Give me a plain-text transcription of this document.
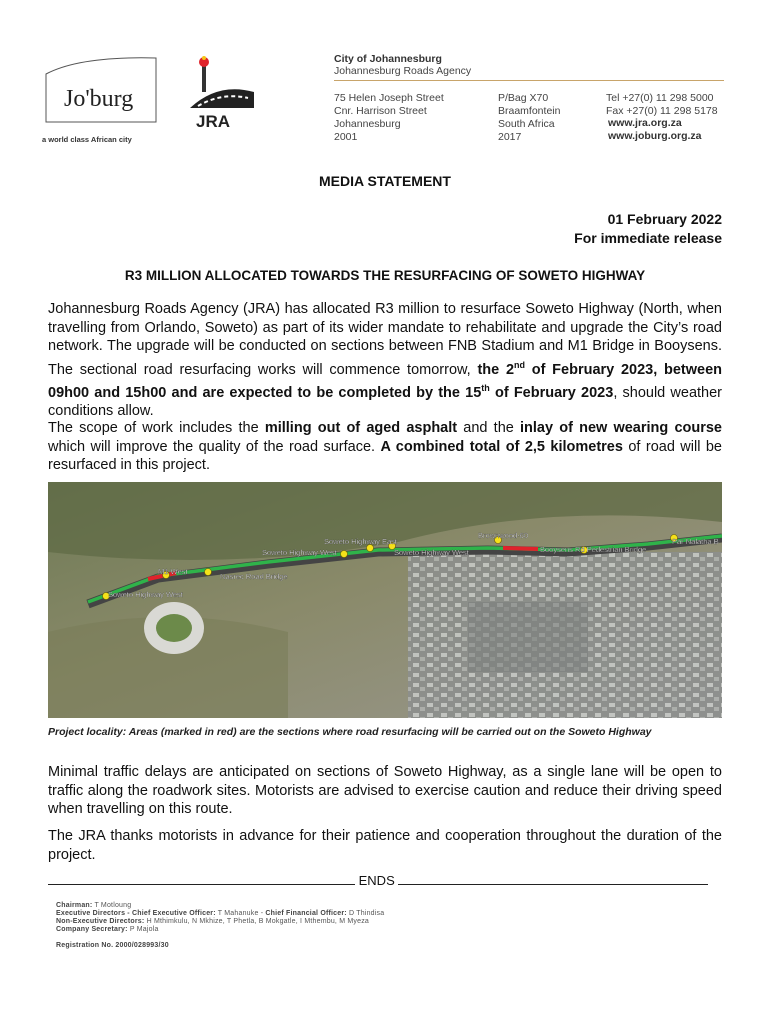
Jo'burg
a world class African city
JRA
City of Johannesburg
Johannesburg Roads Agency
75 Helen Joseph Street
Cnr. Harrison Street
Johannesburg
2001
P/Bag X70
Braamfontein
South Africa
2017
Tel +27(0) 11 298 5000
Fax +27(0) 11 298 5178
www.jra.org.za
www.joburg.org.za
MEDIA STATEMENT
01 February 2022
For immediate release
R3 MILLION ALLOCATED TOWARDS THE RESURFACING OF SOWETO HIGHWAY
Johannesburg Roads Agency (JRA) has allocated R3 million to resurface Soweto Highway (North, when travelling from Orlando, Soweto) as part of its wider mandate to rehabilitate and upgrade the City’s road network. The upgrade will be conducted on sections between FNB Stadium and M1 Bridge in Booysens. The sectional road resurfacing works will commence tomorrow, the 2nd of February 2023, between 09h00 and 15h00 and are expected to be completed by the 15th of February 2023, should weather conditions allow.
The scope of work includes the milling out of aged asphalt and the inlay of new wearing course which will improve the quality of the road surface. A combined total of 2,5 kilometres of road will be resurfaced in this project.
Soweto Highway East
Soweto Highway West	Soweto Highway West
Brownwood-60
Booysens Rd Pedestrian Bridge
Par Nalatha B
M1 West
Nasrec Road Bridge
Soweto Highway West
Project locality: Areas (marked in red) are the sections where road resurfacing will be carried out on the Soweto Highway
Minimal traffic delays are anticipated on sections of Soweto Highway, as a single lane will be open to traffic along the roadwork sites. Motorists are advised to exercise caution and reduce their driving speed when travelling on this route.
The JRA thanks motorists in advance for their patience and cooperation throughout the duration of the project.
ENDS
Chairman: T Motloung
Executive Directors - Chief Executive Officer: T Mahanuke - Chief Financial Officer: D Thindisa
Non-Executive Directors: H Mthimkulu, N Mkhize, T Phetla, B Mokgatle, I Mthembu, M Myeza
Company Secretary: P Majola
Registration No. 2000/028993/30
